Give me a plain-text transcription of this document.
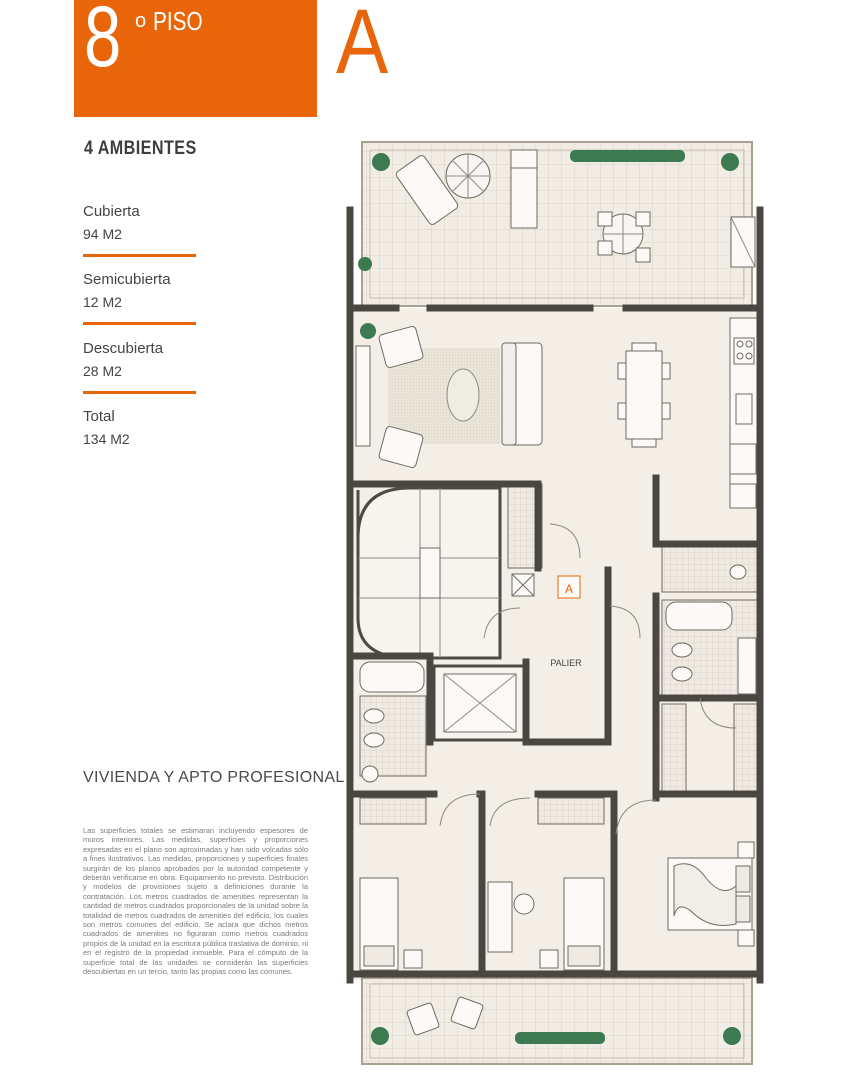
8 o PISO A
4 AMBIENTES
Cubierta
94 M2
Semicubierta
12 M2
Descubierta
28 M2
Total
134 M2
VIVIENDA Y APTO PROFESIONAL
Las superficies totales se estimaran incluyendo espesores de muros interiores. Las medidas, superficies y proporciones expresadas en el plano son aproximadas y han sido volcadas sólo a fines ilustrativos. Las medidas, proporciones y superficies finales surgirán de los planos aprobados por la autoridad competente y deberán verificarse en obra. Equipamiento no previsto. Distribución y modelos de provisiones sujeto a definiciones durante la contratación. Los metros cuadrados de amenities representan la cantidad de metros cuadrados proporcionales de la unidad sobre la totalidad de metros cuadrados de amenities del edificio, los cuales son metros comunes del edificio. Se aclara que dichos metros cuadrados de amenities no figuraran como metros cuadrados propios de la unidad en la escritura pública traslativa de dominio, ni en el registro de la propiedad inmueble. Para el cómputo de la superficie total de las unidades se considerán las superficies descubiertas en un tercio, tanto las propias como las comunes.
A
PALIER
